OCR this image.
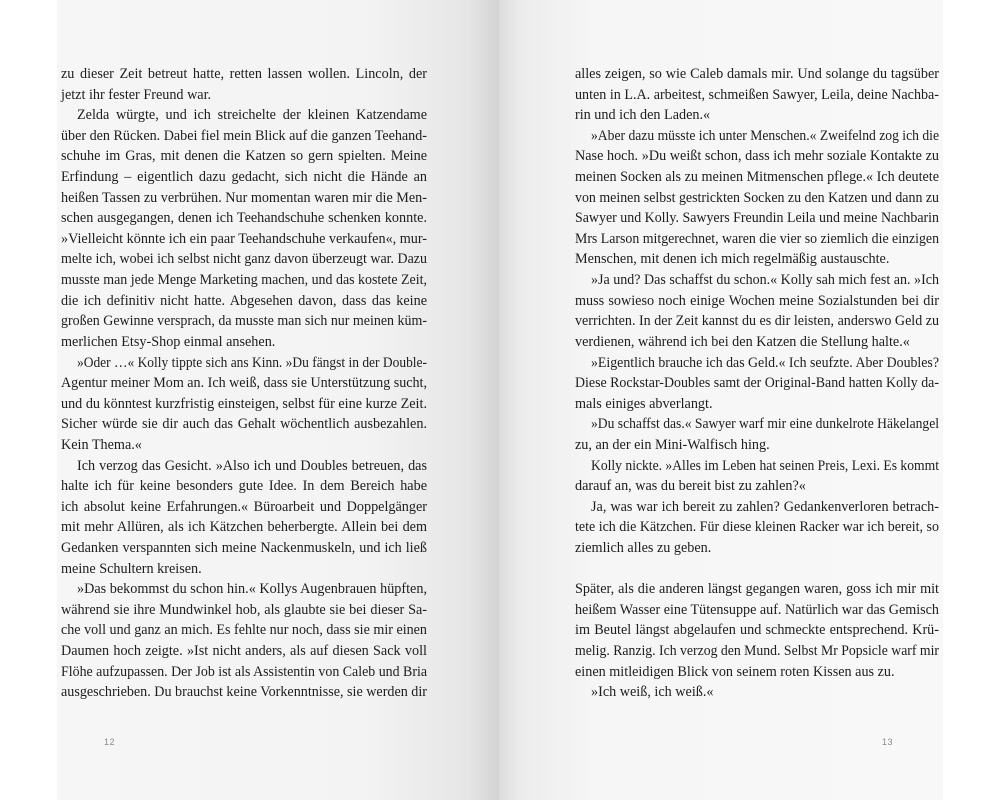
zu dieser Zeit betreut hatte, retten lassen wollen. Lincoln, der
jetzt ihr fester Freund war.
Zelda würgte, und ich streichelte der kleinen Katzendame
über den Rücken. Dabei fiel mein Blick auf die ganzen Teehand-
schuhe im Gras, mit denen die Katzen so gern spielten. Meine
Erfindung – eigentlich dazu gedacht, sich nicht die Hände an
heißen Tassen zu verbrühen. Nur momentan waren mir die Men-
schen ausgegangen, denen ich Teehandschuhe schenken konnte.
»Vielleicht könnte ich ein paar Teehandschuhe verkaufen«, mur-
melte ich, wobei ich selbst nicht ganz davon überzeugt war. Dazu
musste man jede Menge Marketing machen, und das kostete Zeit,
die ich definitiv nicht hatte. Abgesehen davon, dass das keine
großen Gewinne versprach, da musste man sich nur meinen küm-
merlichen Etsy-Shop einmal ansehen.
»Oder …« Kolly tippte sich ans Kinn. »Du fängst in der Double-
Agentur meiner Mom an. Ich weiß, dass sie Unterstützung sucht,
und du könntest kurzfristig einsteigen, selbst für eine kurze Zeit.
Sicher würde sie dir auch das Gehalt wöchentlich ausbezahlen.
Kein Thema.«
Ich verzog das Gesicht. »Also ich und Doubles betreuen, das
halte ich für keine besonders gute Idee. In dem Bereich habe
ich absolut keine Erfahrungen.« Büroarbeit und Doppelgänger
mit mehr Allüren, als ich Kätzchen beherbergte. Allein bei dem
Gedanken verspannten sich meine Nackenmuskeln, und ich ließ
meine Schultern kreisen.
»Das bekommst du schon hin.« Kollys Augenbrauen hüpften,
während sie ihre Mundwinkel hob, als glaubte sie bei dieser Sa-
che voll und ganz an mich. Es fehlte nur noch, dass sie mir einen
Daumen hoch zeigte. »Ist nicht anders, als auf diesen Sack voll
Flöhe aufzupassen. Der Job ist als Assistentin von Caleb und Bria
ausgeschrieben. Du brauchst keine Vorkenntnisse, sie werden dir
12
alles zeigen, so wie Caleb damals mir. Und solange du tagsüber
unten in L.A. arbeitest, schmeißen Sawyer, Leila, deine Nachba-
rin und ich den Laden.«
»Aber dazu müsste ich unter Menschen.« Zweifelnd zog ich die
Nase hoch. »Du weißt schon, dass ich mehr soziale Kontakte zu
meinen Socken als zu meinen Mitmenschen pflege.« Ich deutete
von meinen selbst gestrickten Socken zu den Katzen und dann zu
Sawyer und Kolly. Sawyers Freundin Leila und meine Nachbarin
Mrs Larson mitgerechnet, waren die vier so ziemlich die einzigen
Menschen, mit denen ich mich regelmäßig austauschte.
»Ja und? Das schaffst du schon.« Kolly sah mich fest an. »Ich
muss sowieso noch einige Wochen meine Sozialstunden bei dir
verrichten. In der Zeit kannst du es dir leisten, anderswo Geld zu
verdienen, während ich bei den Katzen die Stellung halte.«
»Eigentlich brauche ich das Geld.« Ich seufzte. Aber Doubles?
Diese Rockstar-Doubles samt der Original-Band hatten Kolly da-
mals einiges abverlangt.
»Du schaffst das.« Sawyer warf mir eine dunkelrote Häkelangel
zu, an der ein Mini-Walfisch hing.
Kolly nickte. »Alles im Leben hat seinen Preis, Lexi. Es kommt
darauf an, was du bereit bist zu zahlen?«
Ja, was war ich bereit zu zahlen? Gedankenverloren betrach-
tete ich die Kätzchen. Für diese kleinen Racker war ich bereit, so
ziemlich alles zu geben.
Später, als die anderen längst gegangen waren, goss ich mir mit
heißem Wasser eine Tütensuppe auf. Natürlich war das Gemisch
im Beutel längst abgelaufen und schmeckte entsprechend. Krü-
melig. Ranzig. Ich verzog den Mund. Selbst Mr Popsicle warf mir
einen mitleidigen Blick von seinem roten Kissen aus zu.
»Ich weiß, ich weiß.«
13
